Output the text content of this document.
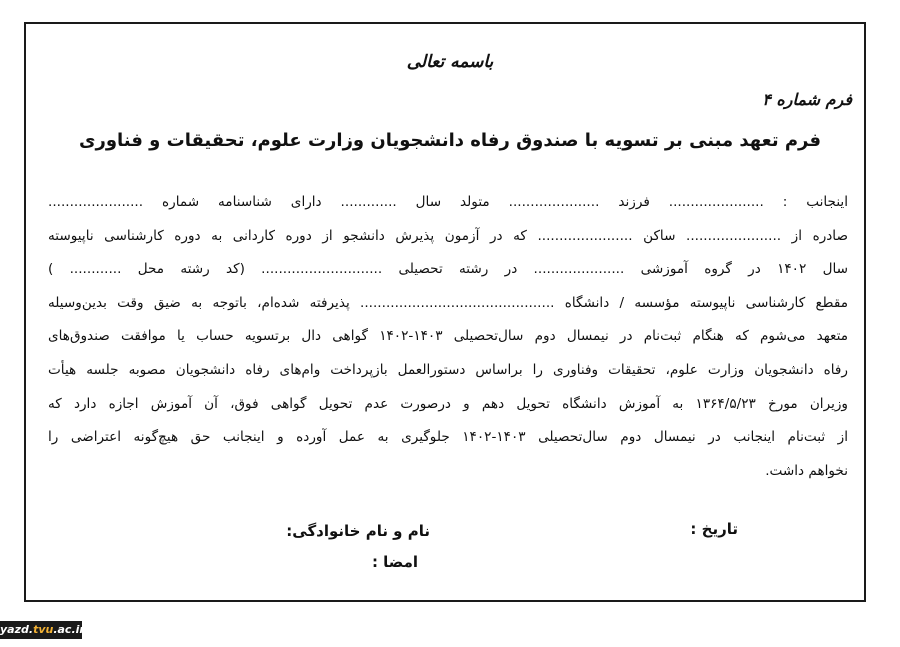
باسمه تعالی
فرم شماره ۴
فرم تعهد مبنی بر تسویه با صندوق رفاه دانشجویان وزارت علوم، تحقیقات و فناوری
اینجانب : ...................... فرزند ..................... متولد سال ............. دارای شناسنامه شماره ......................
صادره از ...................... ساکن ...................... که در آزمون پذیرش دانشجو از دوره کاردانی به دوره کارشناسی ناپیوسته
سال ۱۴۰۲ در گروه آموزشی ..................... در رشته تحصیلی ............................ (کد رشته محل ............ )
مقطع کارشناسی ناپیوسته مؤسسه / دانشگاه ............................................. پذیرفته شده‌ام، باتوجه به ضیق وقت بدین‌وسیله
متعهد می‌شوم که هنگام ثبت‌نام در نیمسال دوم سال‌تحصیلی ۱۴۰۳-۱۴۰۲ گواهی دال برتسویه حساب یا موافقت صندوق‌های
رفاه دانشجویان وزارت علوم، تحقیقات وفناوری را براساس دستورالعمل بازپرداخت وام‌های رفاه دانشجویان مصوبه جلسه هیأت
وزیران مورخ ۱۳۶۴/۵/۲۳ به آموزش دانشگاه تحویل دهم و درصورت عدم تحویل گواهی فوق، آن آموزش اجازه دارد که
از ثبت‌نام اینجانب در نیمسال دوم سال‌تحصیلی ۱۴۰۳-۱۴۰۲ جلوگیری به عمل آورده و اینجانب حق هیچ‌گونه اعتراضی را
نخواهم داشت.
تاریخ :
نام و نام خانوادگی:
امضا :
yazd.tvu.ac.ir
